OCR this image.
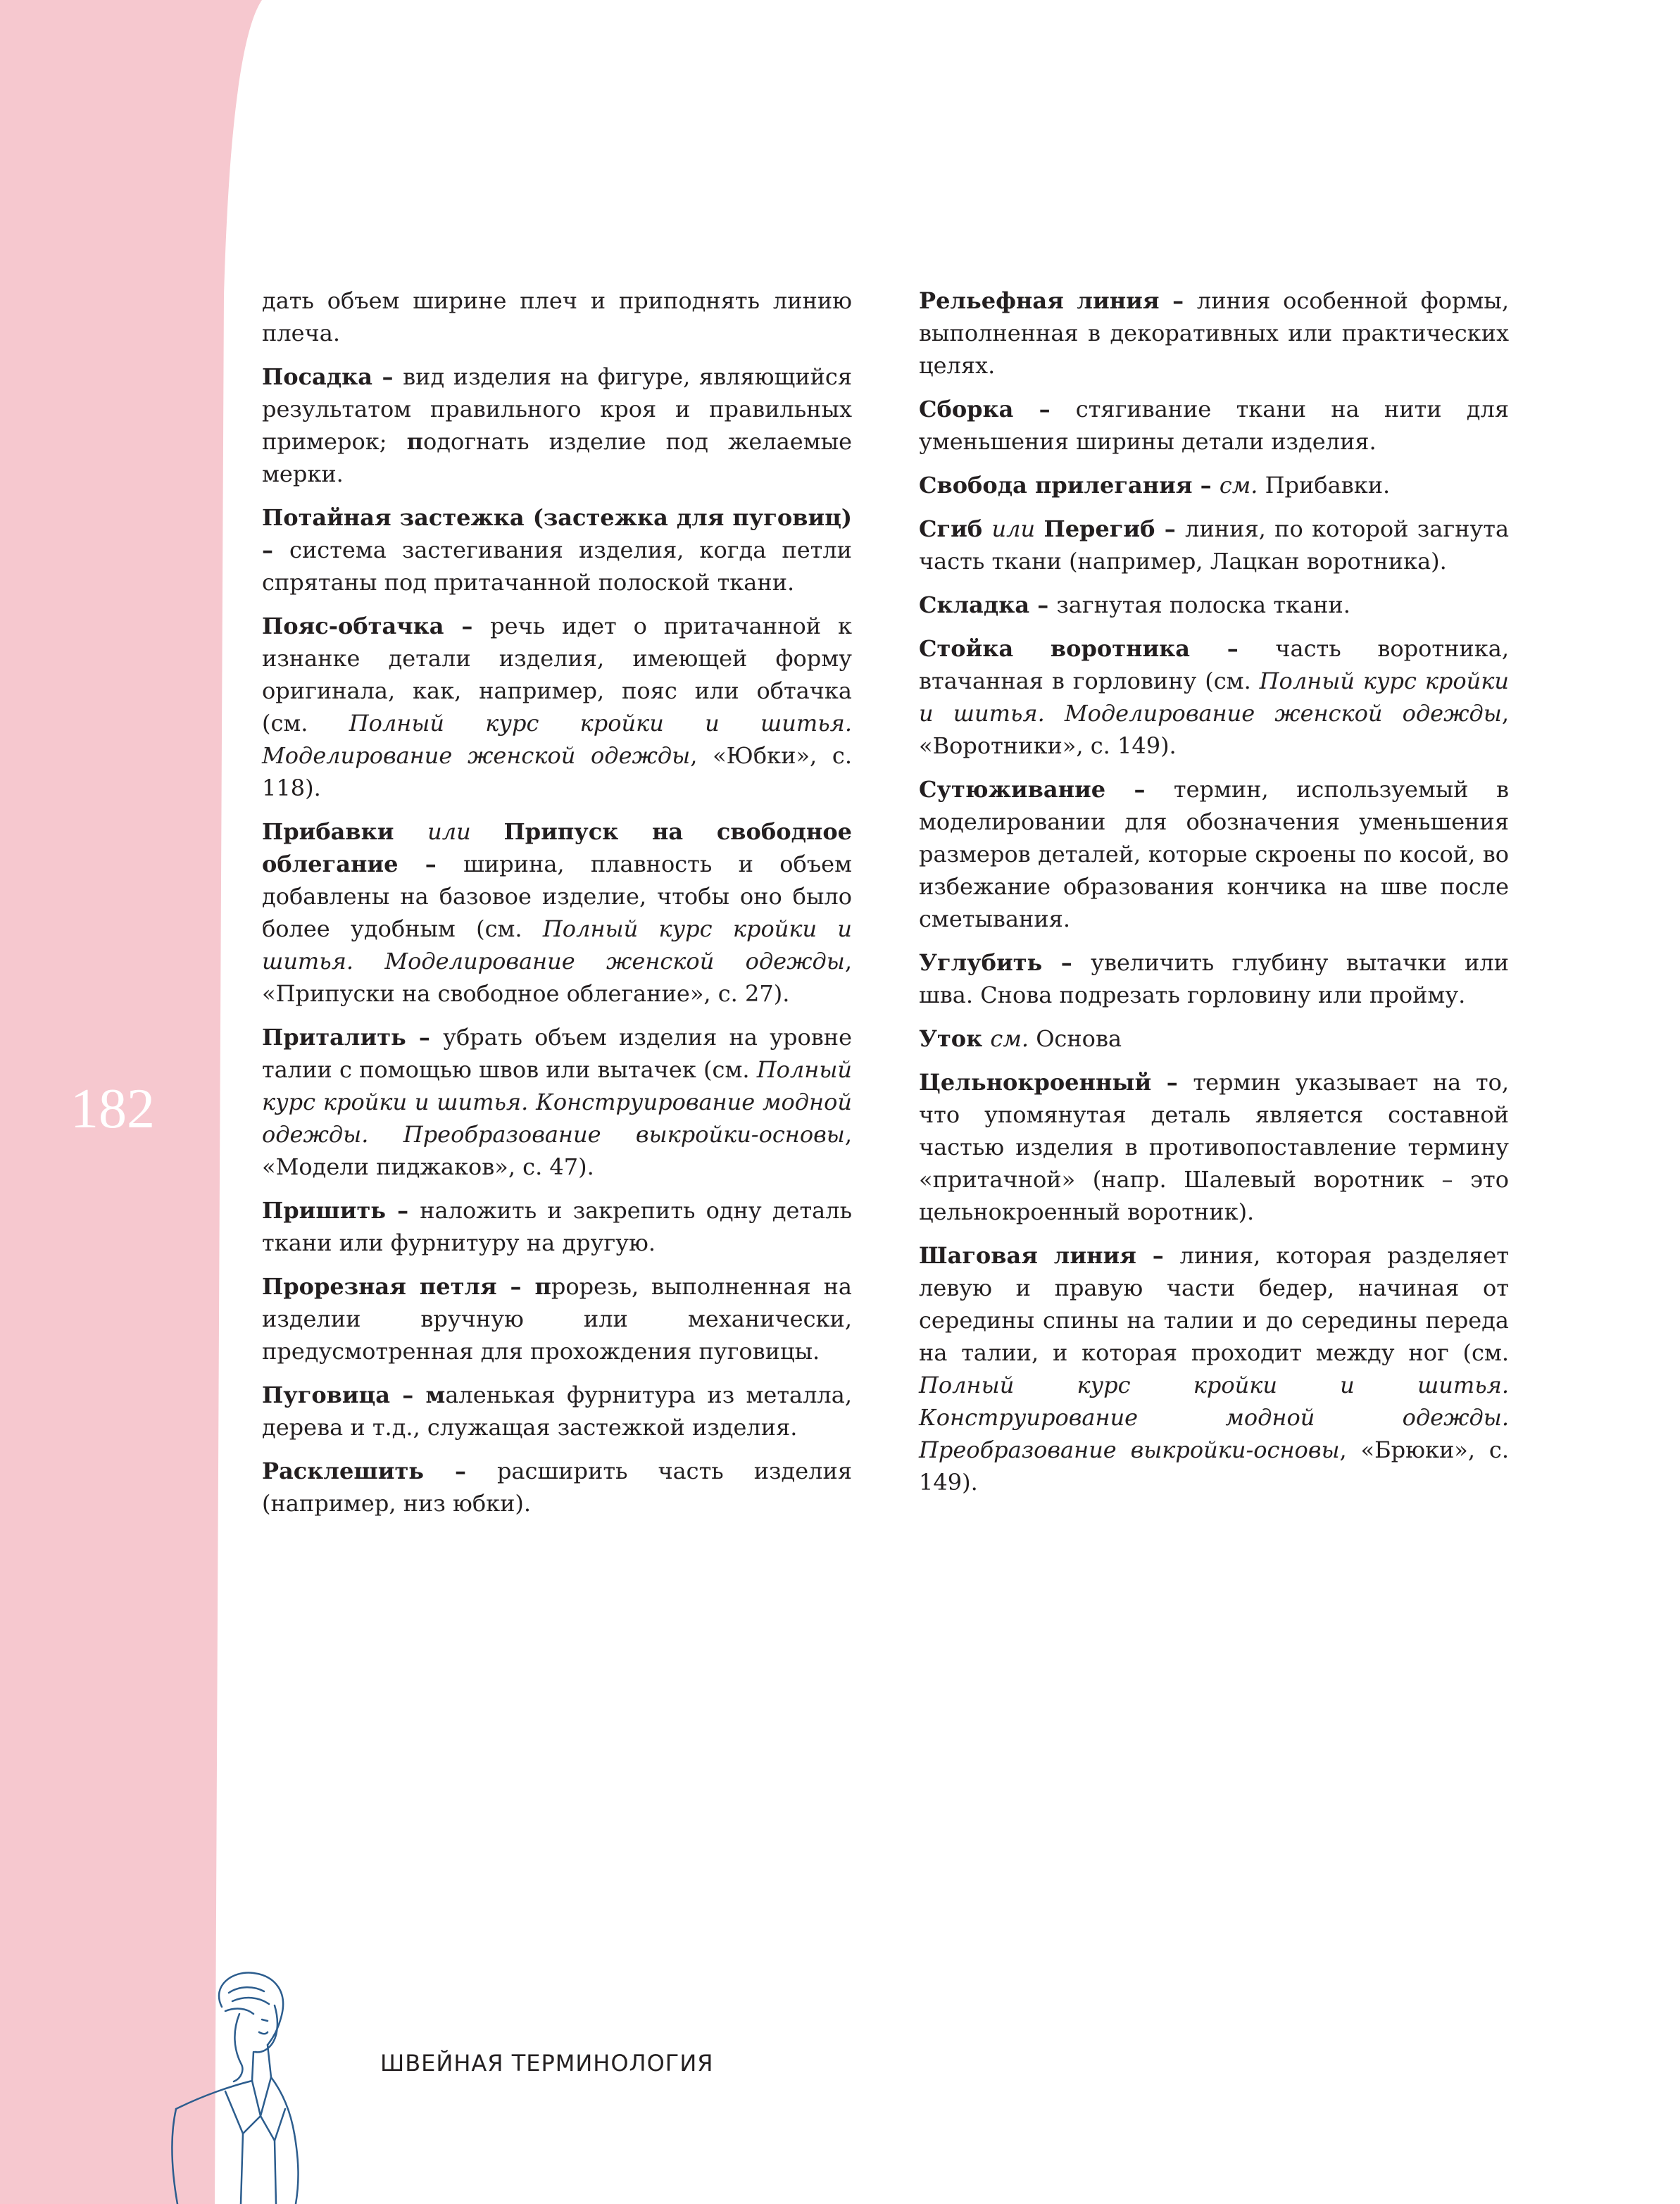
182

дать объем ширине плеч и приподнять линию плеча.

Посадка – вид изделия на фигуре, являющийся результатом правильного кроя и правильных примерок; подогнать изделие под желаемые мерки.

Потайная застежка (застежка для пуговиц) – система застегивания изделия, когда петли спрятаны под притачанной полоской ткани.

Пояс-обтачка – речь идет о притачанной к изнанке детали изделия, имеющей форму оригинала, как, например, пояс или обтачка (см. Полный курс кройки и шитья. Моделирование женской одежды, «Юбки», с. 118).

Прибавки или Припуск на свободное облегание – ширина, плавность и объем добавлены на базовое изделие, чтобы оно было более удобным (см. Полный курс кройки и шитья. Моделирование женской одежды, «Припуски на свободное облегание», с. 27).

Приталить – убрать объем изделия на уровне талии с помощью швов или вытачек (см. Полный курс кройки и шитья. Конструирование модной одежды. Преобразование выкройки-основы, «Модели пиджаков», с. 47).

Пришить – наложить и закрепить одну деталь ткани или фурнитуру на другую.

Прорезная петля – прорезь, выполненная на изделии вручную или механически, предусмотренная для прохождения пуговицы.

Пуговица – маленькая фурнитура из металла, дерева и т.д., служащая застежкой изделия.

Расклешить – расширить часть изделия (например, низ юбки).

Рельефная линия – линия особенной формы, выполненная в декоративных или практических целях.

Сборка – стягивание ткани на нити для уменьшения ширины детали изделия.

Свобода прилегания – см. Прибавки.

Сгиб или Перегиб – линия, по которой загнута часть ткани (например, Лацкан воротника).

Складка – загнутая полоска ткани.

Стойка воротника – часть воротника, втачанная в горловину (см. Полный курс кройки и шитья. Моделирование женской одежды, «Воротники», с. 149).

Сутюживание – термин, используемый в моделировании для обозначения уменьшения размеров деталей, которые скроены по косой, во избежание образования кончика на шве после сметывания.

Углубить – увеличить глубину вытачки или шва. Снова подрезать горловину или пройму.

Уток см. Основа

Цельнокроенный – термин указывает на то, что упомянутая деталь является составной частью изделия в противопоставление термину «притачной» (напр. Шалевый воротник – это цельнокроенный воротник).

Шаговая линия – линия, которая разделяет левую и правую части бедер, начиная от середины спины на талии и до середины переда на талии, и которая проходит между ног (см. Полный курс кройки и шитья. Конструирование модной одежды. Преобразование выкройки-основы, «Брюки», с. 149).

ШВЕЙНАЯ ТЕРМИНОЛОГИЯ
